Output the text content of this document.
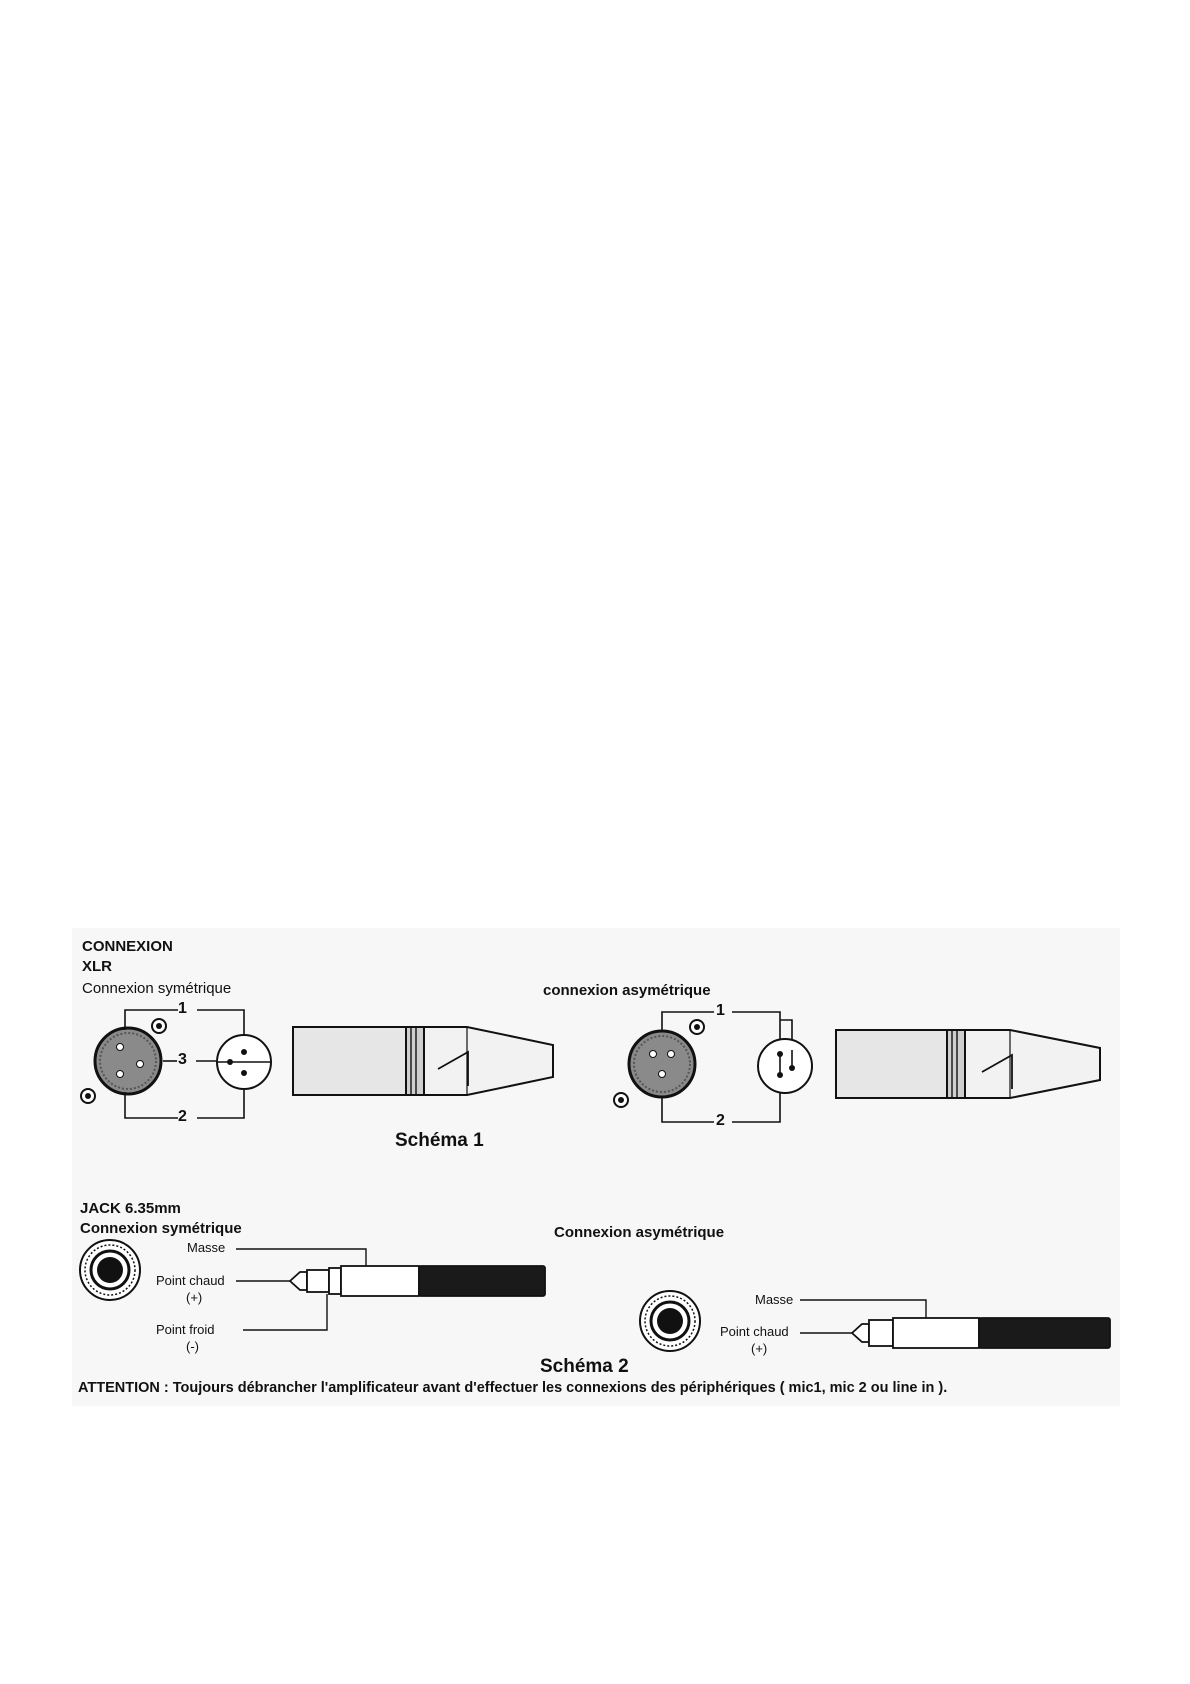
CONNEXION
XLR
Connexion symétrique	connexion asymétrique
1
3
2
1
2
Schéma 1
JACK 6.35mm
Connexion symétrique	Connexion asymétrique
Masse
Point chaud
(+)
Point froid
(-)
Masse
Point chaud
(+)
Schéma 2
ATTENTION : Toujours débrancher l'amplificateur avant d'effectuer les connexions des périphériques ( mic1, mic 2 ou line in ).
